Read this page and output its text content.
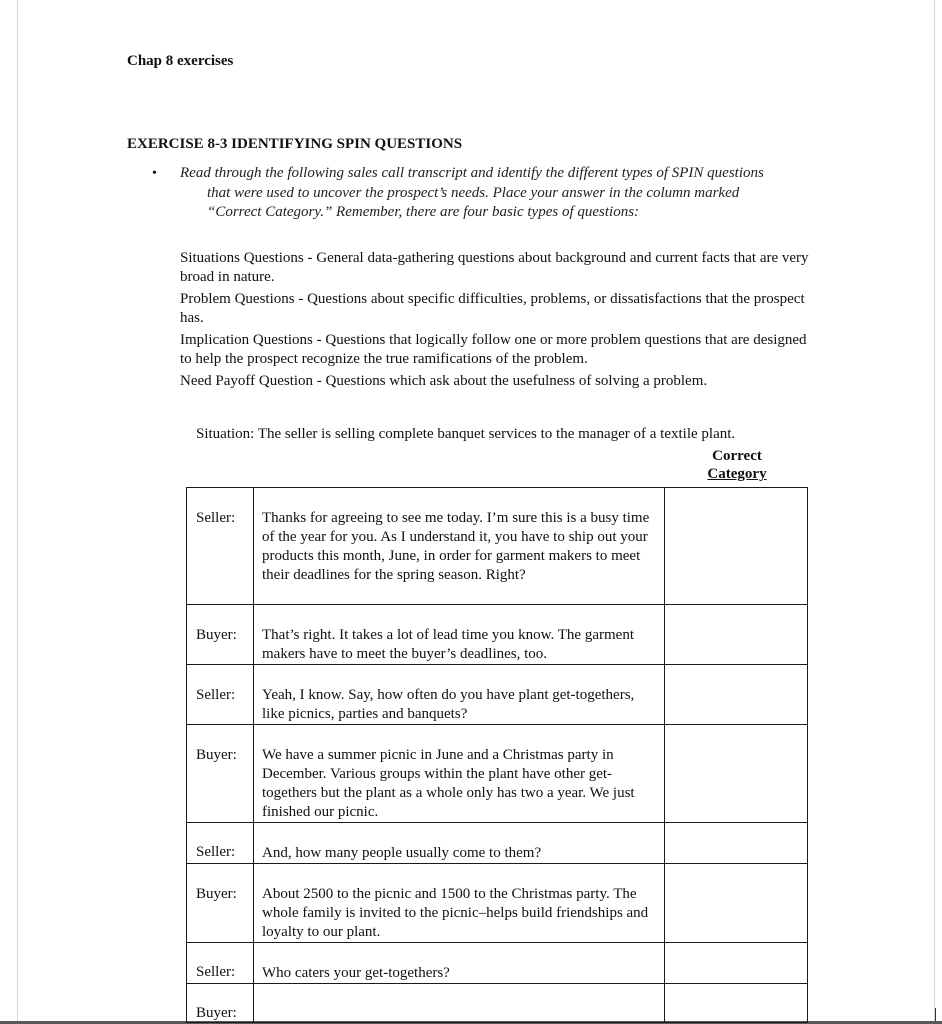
Chap 8 exercises
EXERCISE 8-3 IDENTIFYING SPIN QUESTIONS
• Read through the following sales call transcript and identify the different types of SPIN questions
that were used to uncover the prospect’s needs. Place your answer in the column marked
“Correct Category.” Remember, there are four basic types of questions:

Situations Questions - General data-gathering questions about background and current facts that are very broad in nature.

Problem Questions - Questions about specific difficulties, problems, or dissatisfactions that the prospect has.

Implication Questions - Questions that logically follow one or more problem questions that are designed to help the prospect recognize the true ramifications of the problem.

Need Payoff Question - Questions which ask about the usefulness of solving a problem.

Situation: The seller is selling complete banquet services to the manager of a textile plant.
Correct
Category
Seller:	Thanks for agreeing to see me today. I’m sure this is a busy time of the year for you. As I understand it, you have to ship out your products this month, June, in order for garment makers to meet their deadlines for the spring season. Right?	
Buyer:	That’s right. It takes a lot of lead time you know. The garment makers have to meet the buyer’s deadlines, too.	
Seller:	Yeah, I know. Say, how often do you have plant get-togethers, like picnics, parties and banquets?	
Buyer:	We have a summer picnic in June and a Christmas party in December. Various groups within the plant have other get-togethers but the plant as a whole only has two a year. We just finished our picnic.	
Seller:	And, how many people usually come to them?	
Buyer:	About 2500 to the picnic and 1500 to the Christmas party. The whole family is invited to the picnic–helps build friendships and loyalty to our plant.	
Seller:	Who caters your get-togethers?	
Buyer:		
